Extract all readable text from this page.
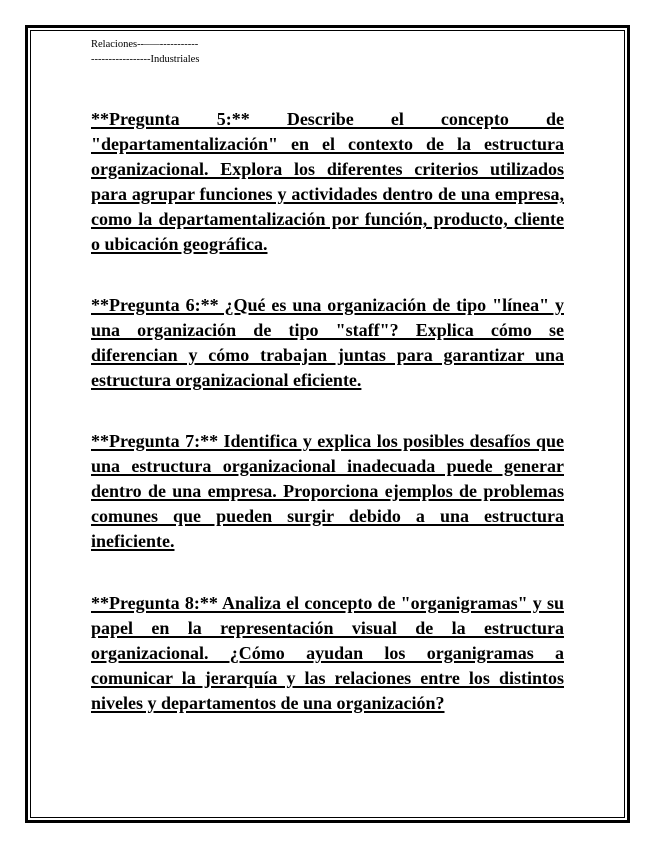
Relaciones--–––-----------
-----------------Industriales

**Pregunta 5:** Describe el concepto de "departamentalización" en el contexto de la estructura organizacional. Explora los diferentes criterios utilizados para agrupar funciones y actividades dentro de una empresa, como la departamentalización por función, producto, cliente o ubicación geográfica.

**Pregunta 6:** ¿Qué es una organización de tipo "línea" y una organización de tipo "staff"? Explica cómo se diferencian y cómo trabajan juntas para garantizar una estructura organizacional eficiente.

**Pregunta 7:** Identifica y explica los posibles desafíos que una estructura organizacional inadecuada puede generar dentro de una empresa. Proporciona ejemplos de problemas comunes que pueden surgir debido a una estructura ineficiente.

**Pregunta 8:** Analiza el concepto de "organigramas" y su papel en la representación visual de la estructura organizacional. ¿Cómo ayudan los organigramas a comunicar la jerarquía y las relaciones entre los distintos niveles y departamentos de una organización?
